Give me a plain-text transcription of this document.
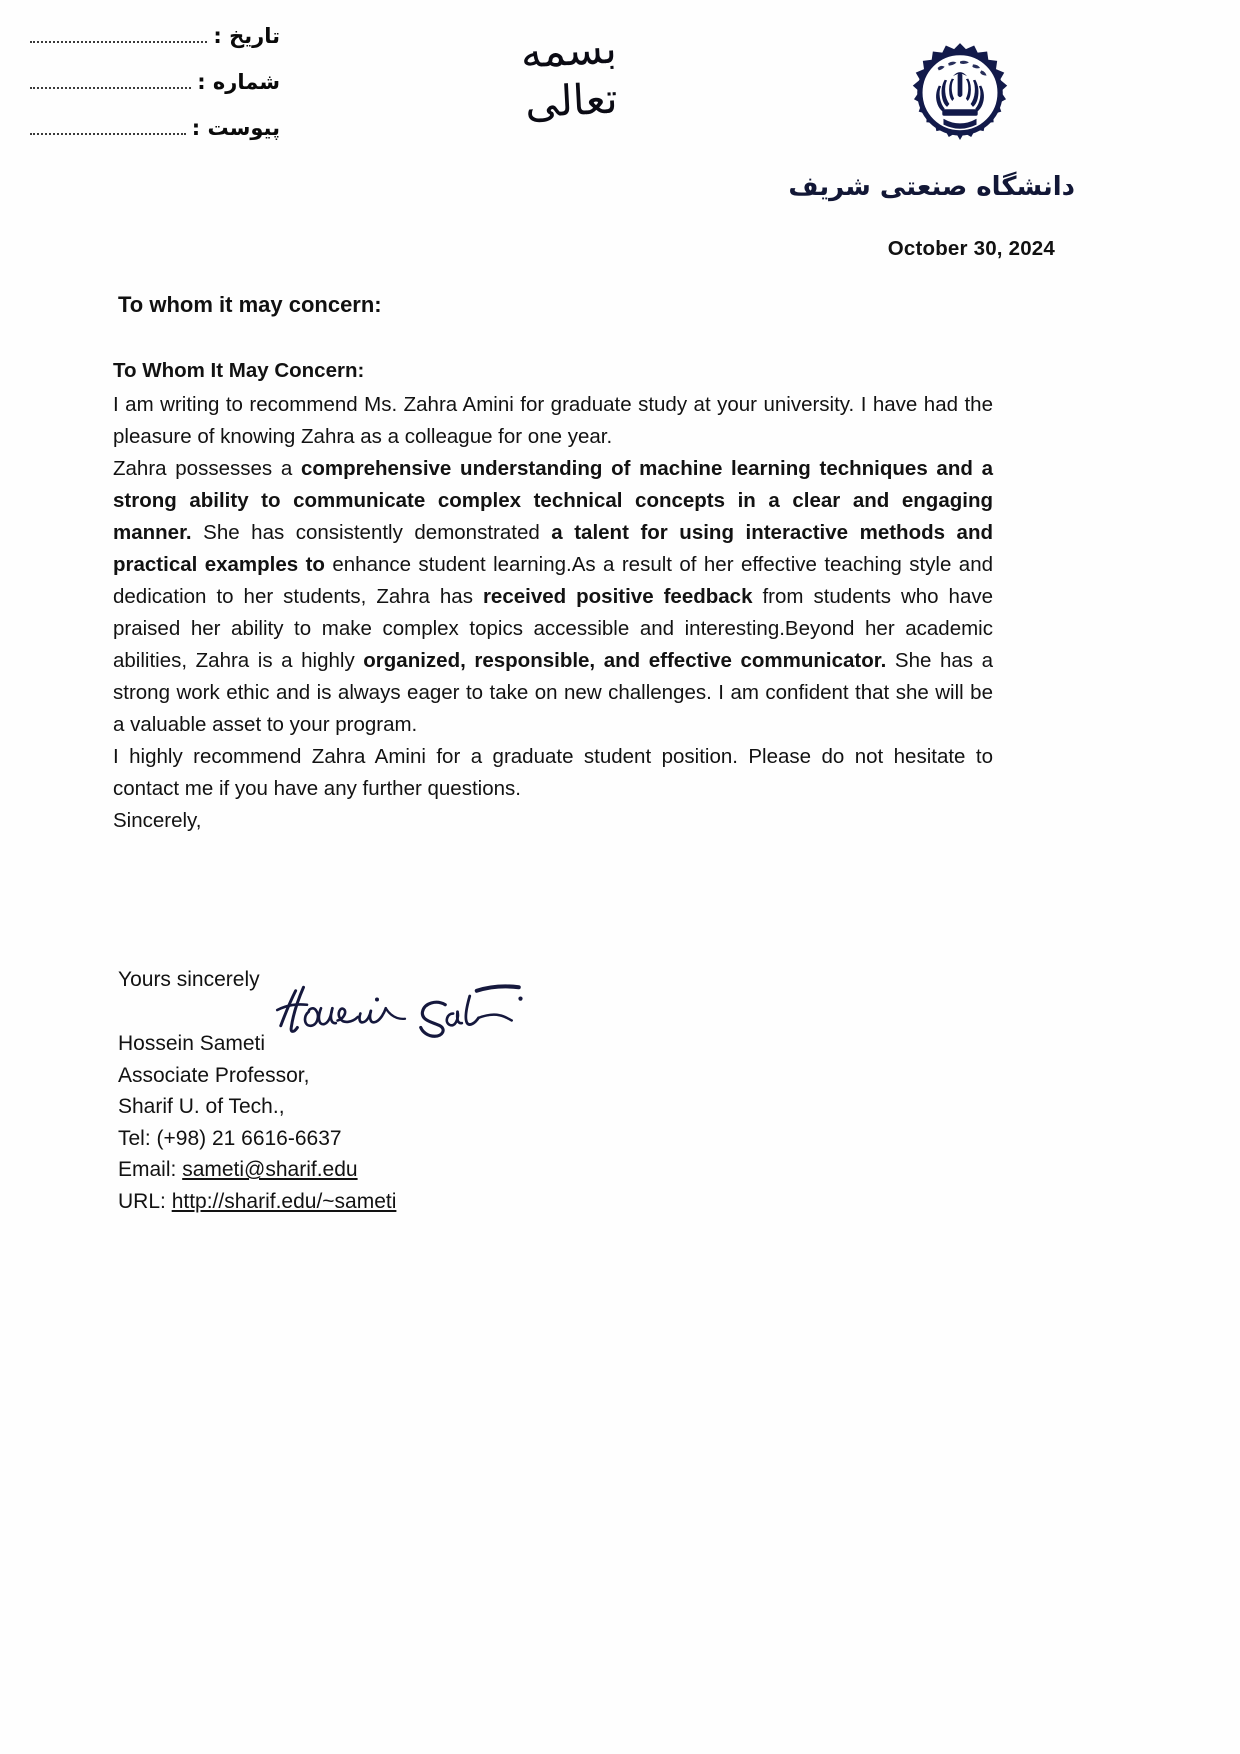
تاریخ :
شماره :
پیوست :
بسمه تعالی
دانشگاه صنعتی شریف
October 30, 2024
To whom it may concern:

To Whom It May Concern:

I am writing to recommend Ms. Zahra Amini for graduate study at your university. I have had the pleasure of knowing Zahra as a colleague for one year.

Zahra possesses a comprehensive understanding of machine learning techniques and a strong ability to communicate complex technical concepts in a clear and engaging manner. She has consistently demonstrated a talent for using interactive methods and practical examples to enhance student learning.As a result of her effective teaching style and dedication to her students, Zahra has received positive feedback from students who have praised her ability to make complex topics accessible and interesting.Beyond her academic abilities, Zahra is a highly organized, responsible, and effective communicator. She has a strong work ethic and is always eager to take on new challenges. I am confident that she will be a valuable asset to your program.

I highly recommend Zahra Amini for a graduate student position. Please do not hesitate to contact me if you have any further questions.

Sincerely,

Yours sincerely
Hossein Sameti
Associate Professor,
Sharif U. of Tech.,
Tel: (+98) 21 6616-6637
Email: sameti@sharif.edu
URL: http://sharif.edu/~sameti
